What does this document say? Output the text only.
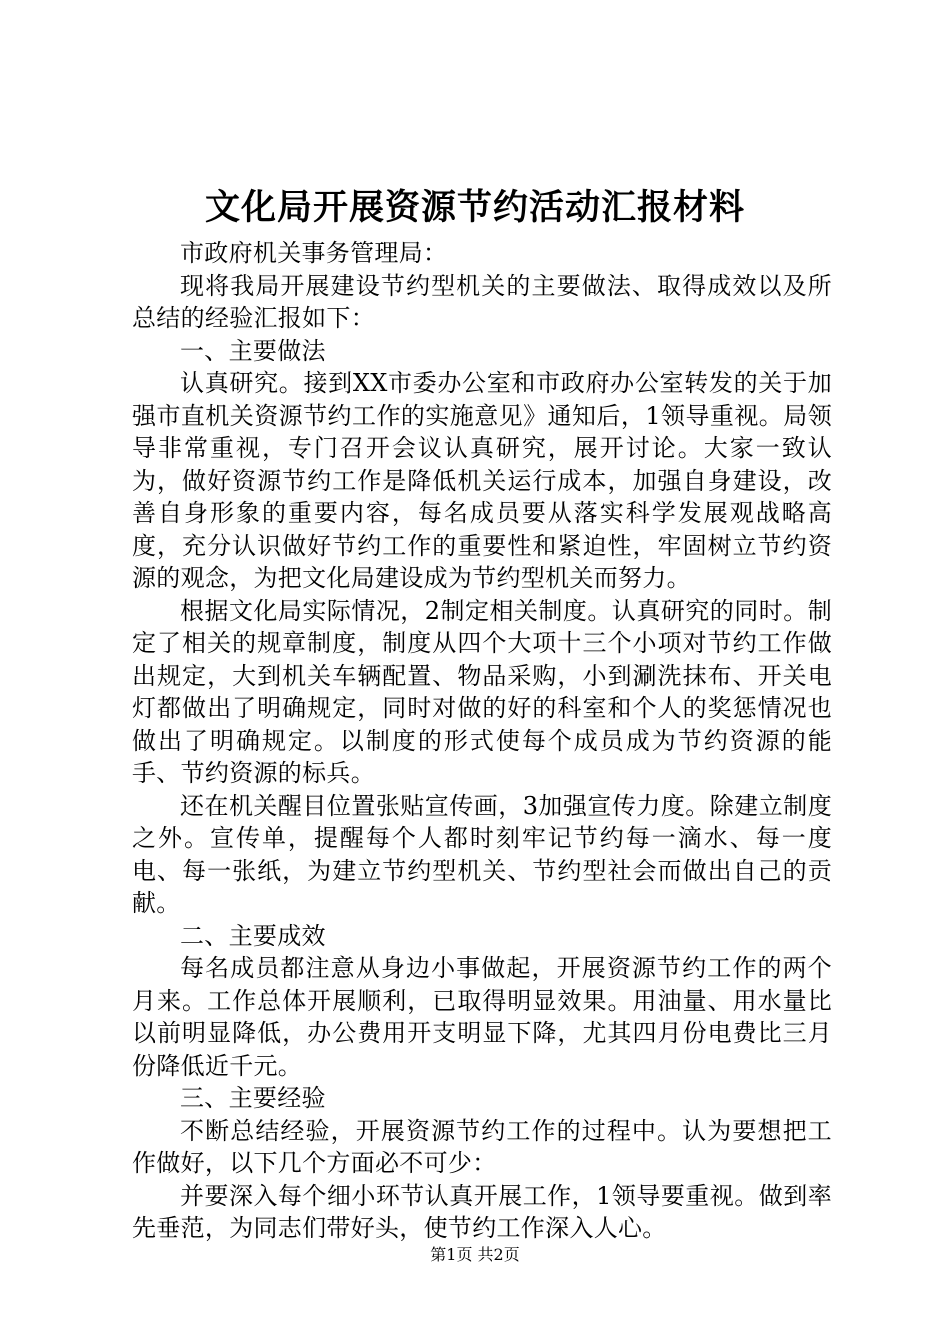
文化局开展资源节约活动汇报材料

市政府机关事务管理局：

现将我局开展建设节约型机关的主要做法、取得成效以及所总结的经验汇报如下：

一、主要做法

认真研究。接到XX市委办公室和市政府办公室转发的关于加强市直机关资源节约工作的实施意见》通知后，1领导重视。局领导非常重视，专门召开会议认真研究，展开讨论。大家一致认为，做好资源节约工作是降低机关运行成本，加强自身建设，改善自身形象的重要内容，每名成员要从落实科学发展观战略高度，充分认识做好节约工作的重要性和紧迫性，牢固树立节约资源的观念，为把文化局建设成为节约型机关而努力。

根据文化局实际情况，2制定相关制度。认真研究的同时。制定了相关的规章制度，制度从四个大项十三个小项对节约工作做出规定，大到机关车辆配置、物品采购，小到涮洗抹布、开关电灯都做出了明确规定，同时对做的好的科室和个人的奖惩情况也做出了明确规定。以制度的形式使每个成员成为节约资源的能手、节约资源的标兵。

还在机关醒目位置张贴宣传画，3加强宣传力度。除建立制度之外。宣传单，提醒每个人都时刻牢记节约每一滴水、每一度电、每一张纸，为建立节约型机关、节约型社会而做出自己的贡献。

二、主要成效

每名成员都注意从身边小事做起，开展资源节约工作的两个月来。工作总体开展顺利，已取得明显效果。用油量、用水量比以前明显降低，办公费用开支明显下降，尤其四月份电费比三月份降低近千元。

三、主要经验

不断总结经验，开展资源节约工作的过程中。认为要想把工作做好，以下几个方面必不可少：

并要深入每个细小环节认真开展工作，1领导要重视。做到率先垂范，为同志们带好头，使节约工作深入人心。

第1页 共2页
